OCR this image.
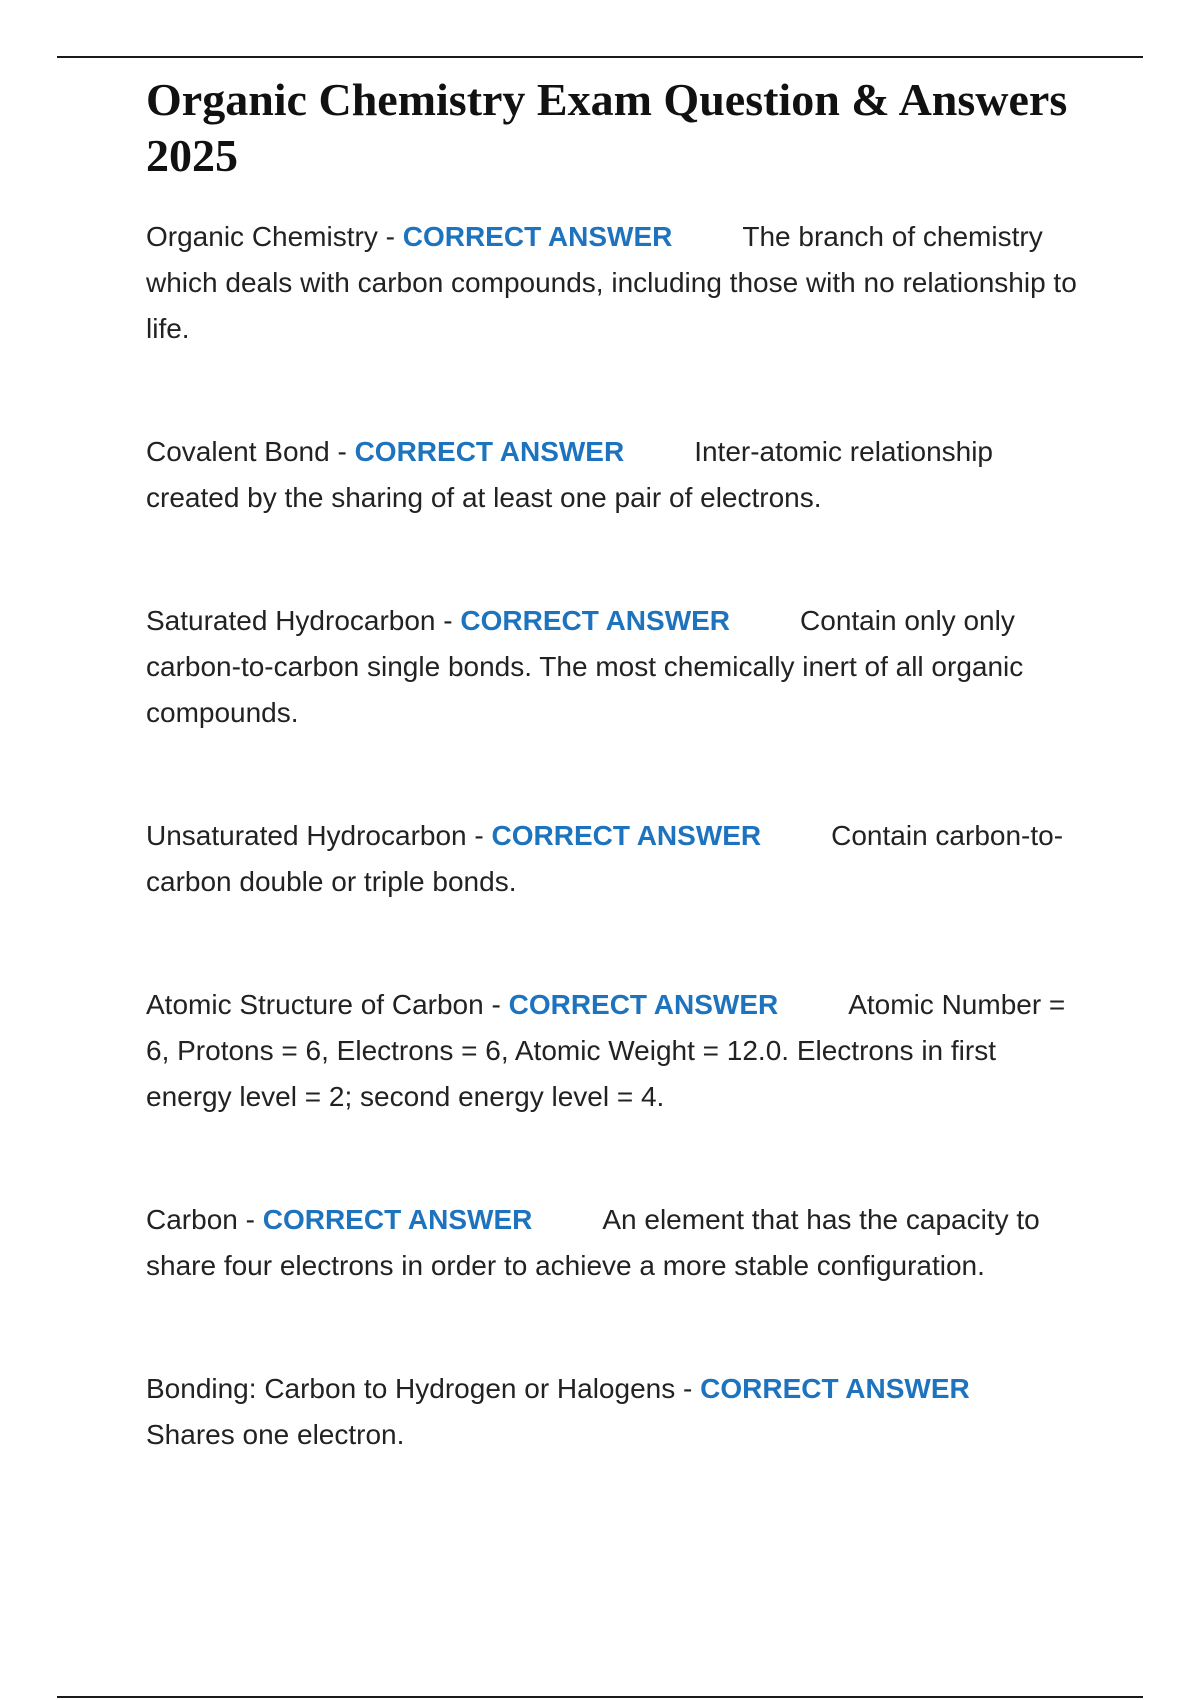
Organic Chemistry Exam Question & Answers 2025

Organic Chemistry - CORRECT ANSWER	The branch of chemistry which deals with carbon compounds, including those with no relationship to life.

Covalent Bond - CORRECT ANSWER	Inter-atomic relationship created by the sharing of at least one pair of electrons.

Saturated Hydrocarbon - CORRECT ANSWER	Contain only only carbon-to-carbon single bonds. The most chemically inert of all organic compounds.

Unsaturated Hydrocarbon - CORRECT ANSWER	Contain carbon-to-carbon double or triple bonds.

Atomic Structure of Carbon - CORRECT ANSWER	Atomic Number = 6, Protons = 6, Electrons = 6, Atomic Weight = 12.0. Electrons in first energy level = 2; second energy level = 4.

Carbon - CORRECT ANSWER	An element that has the capacity to share four electrons in order to achieve a more stable configuration.

Bonding: Carbon to Hydrogen or Halogens - CORRECT ANSWERShares one electron.
